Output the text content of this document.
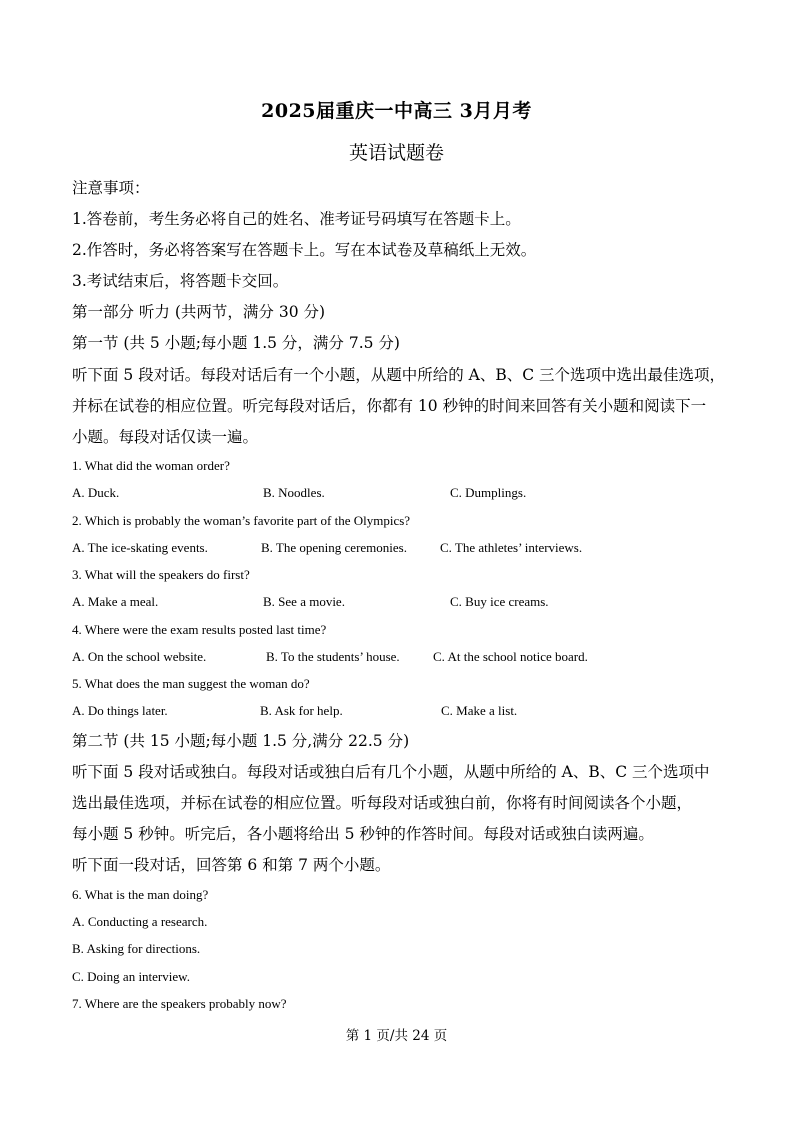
2025届重庆一中高三 3月月考
英语试题卷
注意事项：
1.答卷前，考生务必将自己的姓名、准考证号码填写在答题卡上。
2.作答时，务必将答案写在答题卡上。写在本试卷及草稿纸上无效。
3.考试结束后，将答题卡交回。
第一部分 听力 (共两节，满分 30 分)
第一节 (共 5 小题;每小题 1.5 分，满分 7.5 分)
听下面 5 段对话。每段对话后有一个小题，从题中所给的 A、B、C 三个选项中选出最佳选项，
并标在试卷的相应位置。听完每段对话后，你都有 10 秒钟的时间来回答有关小题和阅读下一
小题。每段对话仅读一遍。
1. What did the woman order?
A. Duck.	B. Noodles.	C. Dumplings.
2. Which is probably the woman’s favorite part of the Olympics?
A. The ice-skating events.	B. The opening ceremonies.	C. The athletes’ interviews.
3. What will the speakers do first?
A. Make a meal.	B. See a movie.	C. Buy ice creams.
4. Where were the exam results posted last time?
A. On the school website.	B. To the students’ house.	C. At the school notice board.
5. What does the man suggest the woman do?
A. Do things later.	B. Ask for help.	C. Make a list.
第二节 (共 15 小题;每小题 1.5 分,满分 22.5 分)
听下面 5 段对话或独白。每段对话或独白后有几个小题，从题中所给的 A、B、C 三个选项中
选出最佳选项，并标在试卷的相应位置。听每段对话或独白前，你将有时间阅读各个小题，
每小题 5 秒钟。听完后，各小题将给出 5 秒钟的作答时间。每段对话或独白读两遍。
听下面一段对话，回答第 6 和第 7 两个小题。
6. What is the man doing?
A. Conducting a research.
B. Asking for directions.
C. Doing an interview.
7. Where are the speakers probably now?
第 1 页/共 24 页
